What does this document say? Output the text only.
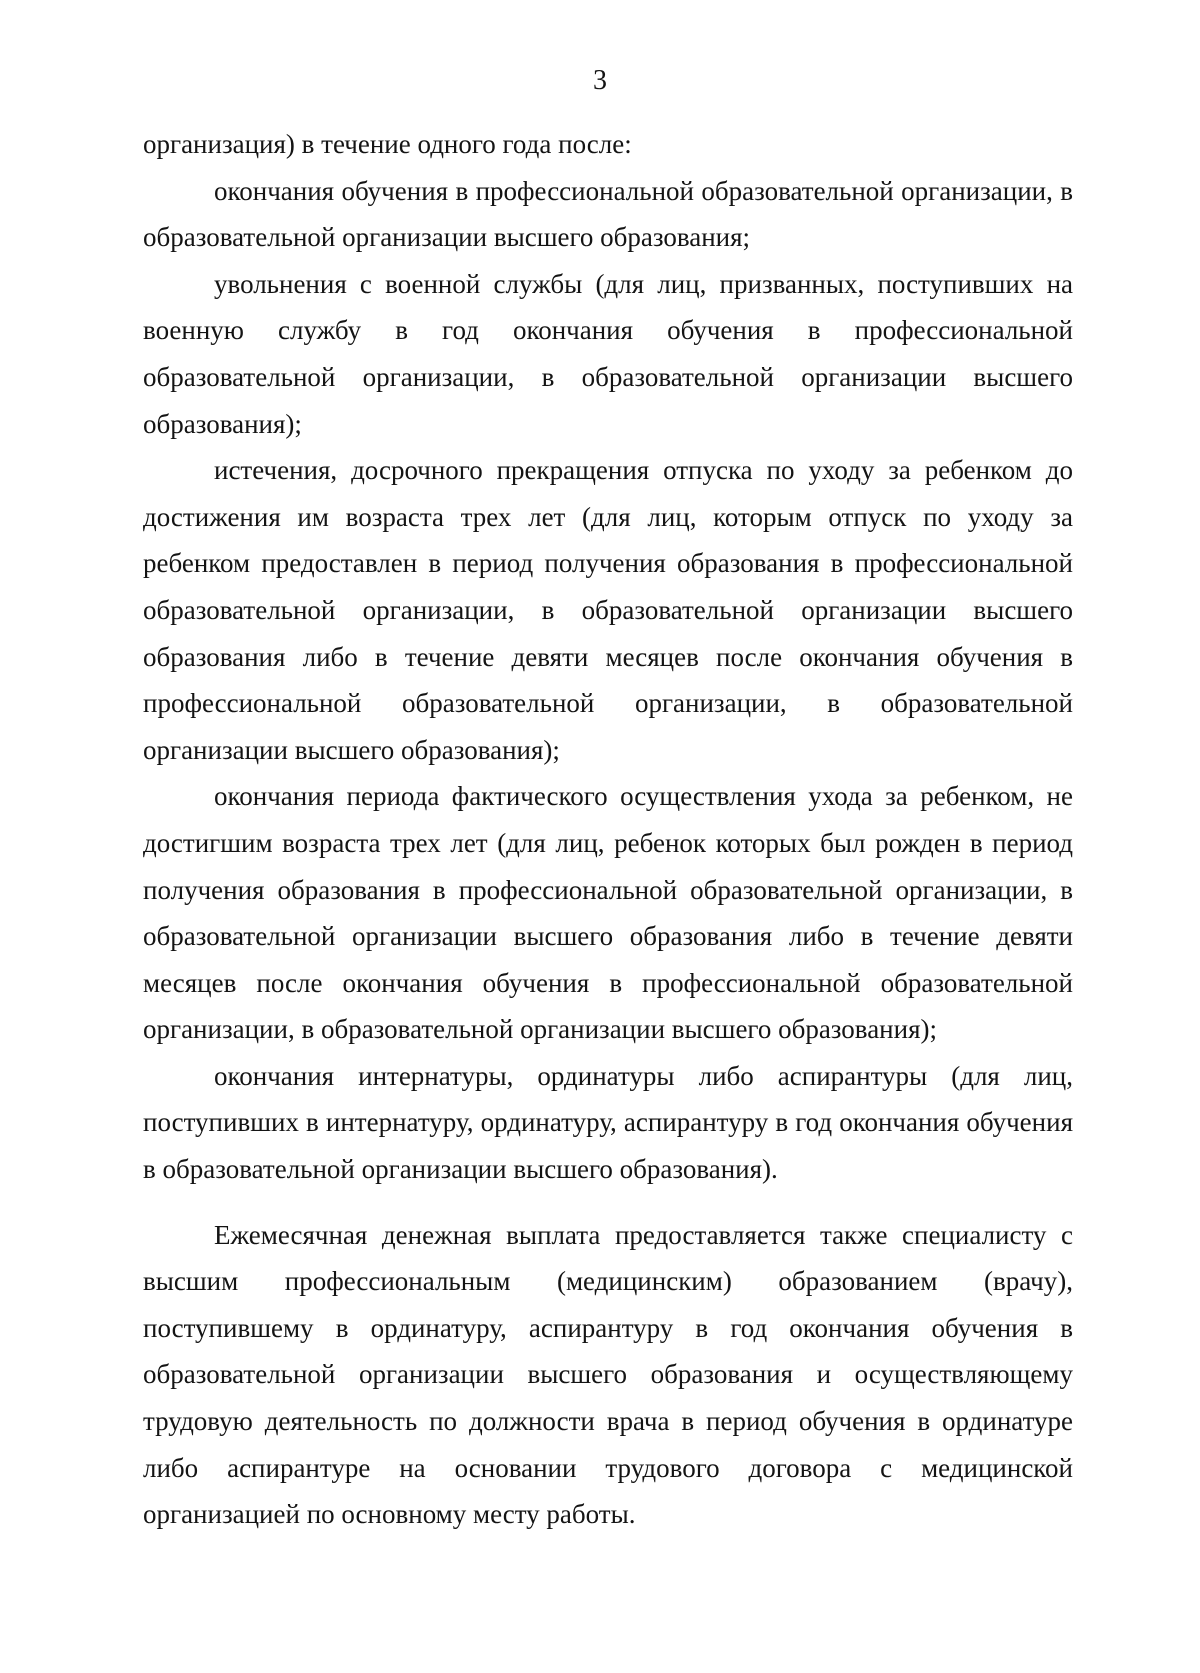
3

организация) в течение одного года после:

окончания обучения в профессиональной образовательной организации, в образовательной организации высшего образования;

увольнения с военной службы (для лиц, призванных, поступивших на военную службу в год окончания обучения в профессиональной образовательной организации, в образовательной организации высшего образования);

истечения, досрочного прекращения отпуска по уходу за ребенком до достижения им возраста трех лет (для лиц, которым отпуск по уходу за ребенком предоставлен в период получения образования в профессиональной образовательной организации, в образовательной организации высшего образования либо в течение девяти месяцев после окончания обучения в профессиональной образовательной организации, в образовательной организации высшего образования);

окончания периода фактического осуществления ухода за ребенком, не достигшим возраста трех лет (для лиц, ребенок которых был рожден в период получения образования в профессиональной образовательной организации, в образовательной организации высшего образования либо в течение девяти месяцев после окончания обучения в профессиональной образовательной организации, в образовательной организации высшего образования);

окончания интернатуры, ординатуры либо аспирантуры (для лиц, поступивших в интернатуру, ординатуру, аспирантуру в год окончания обучения в образовательной организации высшего образования).

Ежемесячная денежная выплата предоставляется также специалисту с высшим профессиональным (медицинским) образованием (врачу), поступившему в ординатуру, аспирантуру в год окончания обучения в образовательной организации высшего образования и осуществляющему трудовую деятельность по должности врача в период обучения в ординатуре либо аспирантуре на основании трудового договора с медицинской организацией по основному месту работы.
